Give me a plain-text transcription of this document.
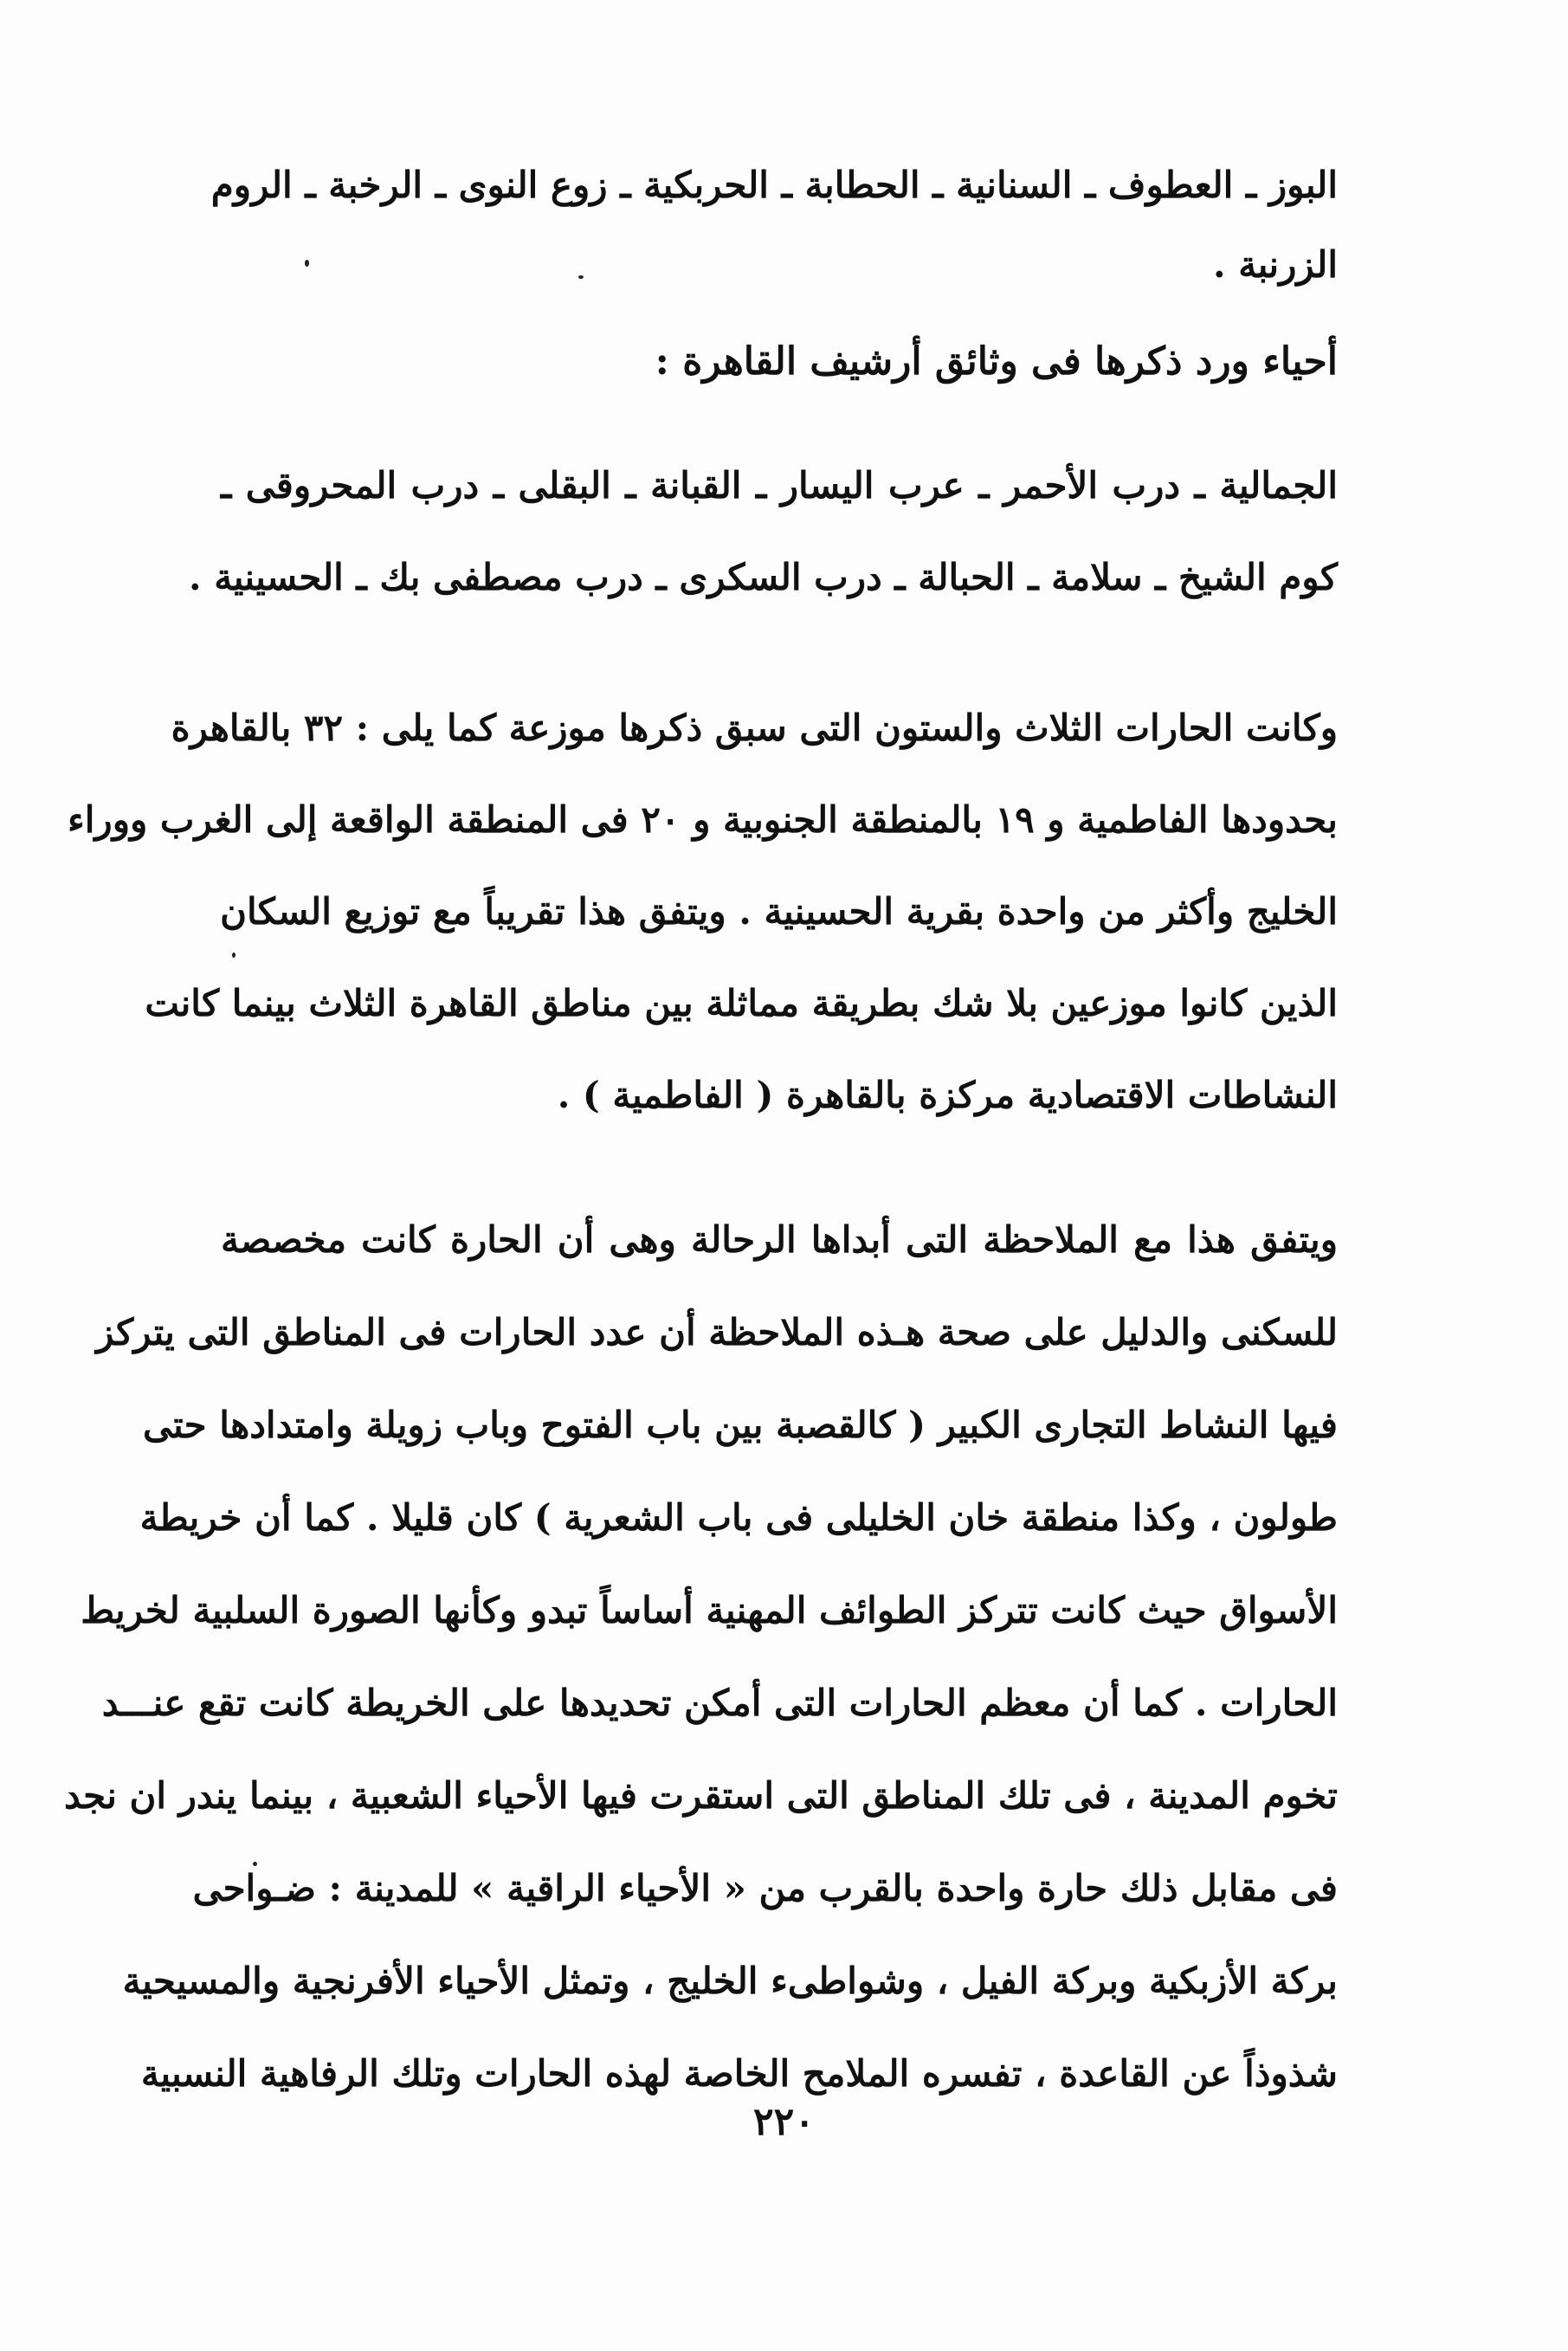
البوز ـ العطوف ـ السنانية ـ الحطابة ـ الحربكية ـ زوع النوى ـ الرخبة ـ الروم
الزرنبة .
أحياء ورد ذكرها فى وثائق أرشيف القاهرة :
الجمالية ـ درب الأحمر ـ عرب اليسار ـ القبانة ـ البقلى ـ درب المحروقى ـ
كوم الشيخ ـ سلامة ـ الحبالة ـ درب السكرى ـ درب مصطفى بك ـ الحسينية .
وكانت الحارات الثلاث والستون التى سبق ذكرها موزعة كما يلى : ٣٢ بالقاهرة
بحدودها الفاطمية و ١٩ بالمنطقة الجنوبية و ٢٠ فى المنطقة الواقعة إلى الغرب ووراء
الخليج وأكثر من واحدة بقرية الحسينية . ويتفق هذا تقريباً مع توزيع السكان
الذين كانوا موزعين بلا شك بطريقة مماثلة بين مناطق القاهرة الثلاث بينما كانت
النشاطات الاقتصادية مركزة بالقاهرة ( الفاطمية ) .
ويتفق هذا مع الملاحظة التى أبداها الرحالة وهى أن الحارة كانت مخصصة
للسكنى والدليل على صحة هـذه الملاحظة أن عدد الحارات فى المناطق التى يتركز
فيها النشاط التجارى الكبير ( كالقصبة بين باب الفتوح وباب زويلة وامتدادها حتى
طولون ، وكذا منطقة خان الخليلى فى باب الشعرية ) كان قليلا . كما أن خريطة
الأسواق حيث كانت تتركز الطوائف المهنية أساساً تبدو وكأنها الصورة السلبية لخريط
الحارات . كما أن معظم الحارات التى أمكن تحديدها على الخريطة كانت تقع عنـــد
تخوم المدينة ، فى تلك المناطق التى استقرت فيها الأحياء الشعبية ، بينما يندر ان نجد
فى مقابل ذلك حارة واحدة بالقرب من « الأحياء الراقية » للمدينة : ضـواحى
بركة الأزبكية وبركة الفيل ، وشواطىء الخليج ، وتمثل الأحياء الأفرنجية والمسيحية
شذوذاً عن القاعدة ، تفسره الملامح الخاصة لهذه الحارات وتلك الرفاهية النسبية
٢٢٠
